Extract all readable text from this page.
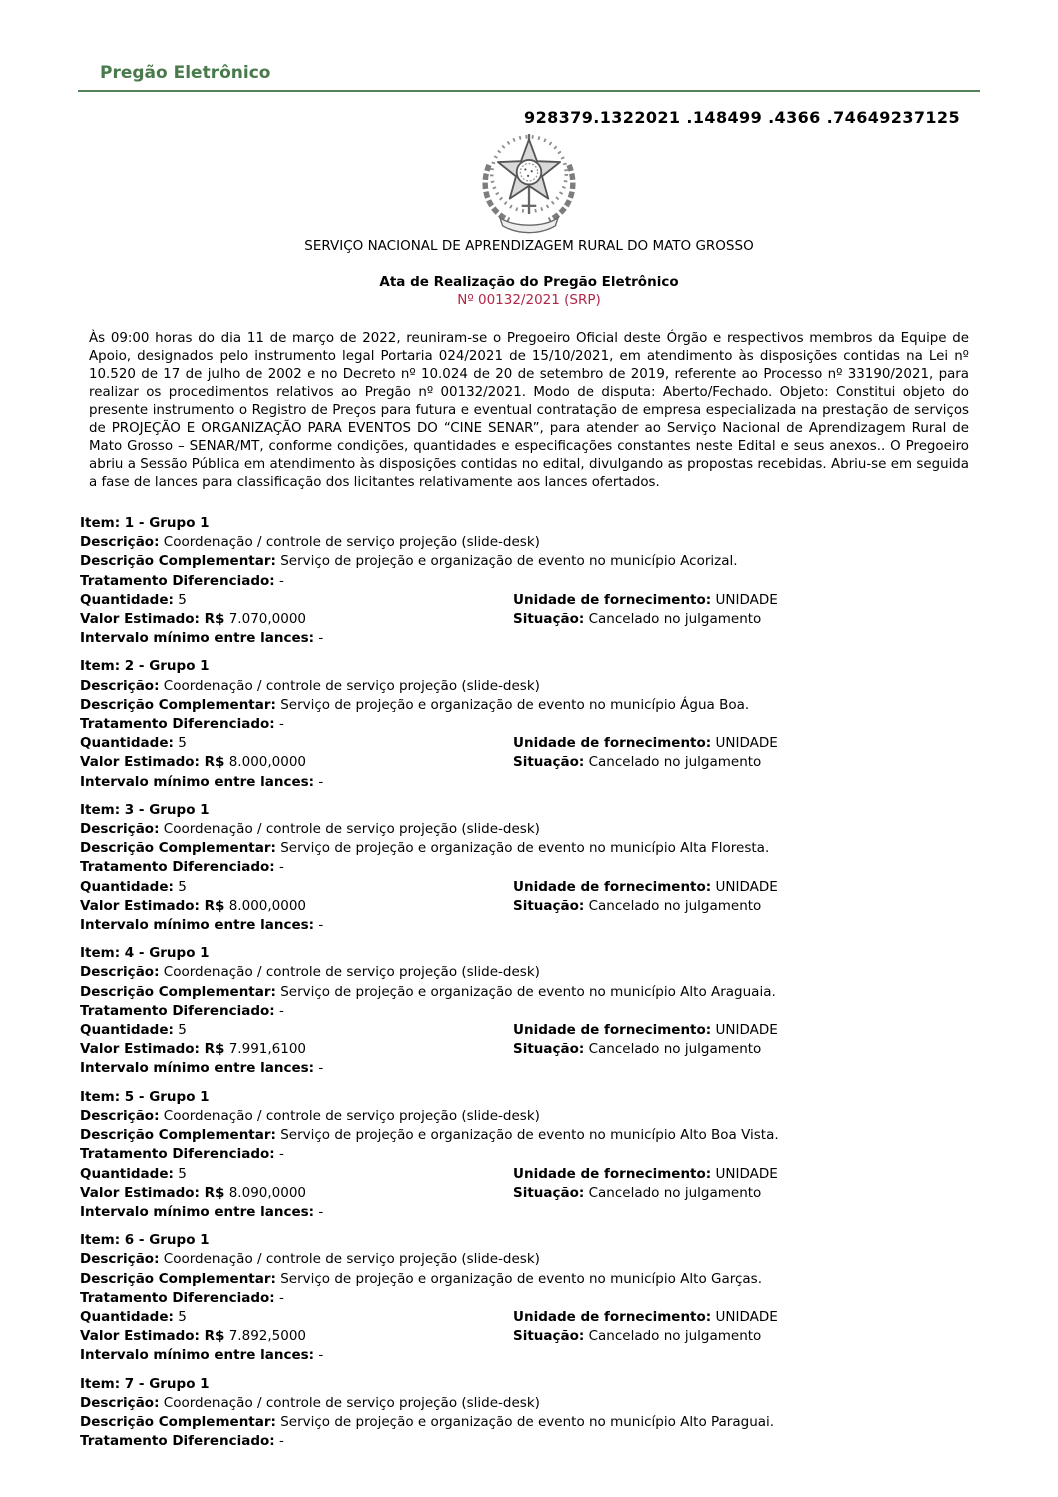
Pregão Eletrônico
928379.1322021 .148499 .4366 .74649237125
SERVIÇO NACIONAL DE APRENDIZAGEM RURAL DO MATO GROSSO
Ata de Realização do Pregão Eletrônico
Nº 00132/2021 (SRP)

Às 09:00 horas do dia 11 de março de 2022, reuniram-se o Pregoeiro Oficial deste Órgão e respectivos membros da Equipe de Apoio, designados pelo instrumento legal Portaria 024/2021 de 15/10/2021, em atendimento às disposições contidas na Lei nº 10.520 de 17 de julho de 2002 e no Decreto nº 10.024 de 20 de setembro de 2019, referente ao Processo nº 33190/2021, para realizar os procedimentos relativos ao Pregão nº 00132/2021. Modo de disputa: Aberto/Fechado. Objeto: Constitui objeto do presente instrumento o Registro de Preços para futura e eventual contratação de empresa especializada na prestação de serviços de PROJEÇÃO E ORGANIZAÇÃO PARA EVENTOS DO “CINE SENAR”, para atender ao Serviço Nacional de Aprendizagem Rural de Mato Grosso – SENAR/MT, conforme condições, quantidades e especificações constantes neste Edital e seus anexos.. O Pregoeiro abriu a Sessão Pública em atendimento às disposições contidas no edital, divulgando as propostas recebidas. Abriu-se em seguida a fase de lances para classificação dos licitantes relativamente aos lances ofertados.

Item: 1 - Grupo 1
Descrição: Coordenação / controle de serviço projeção (slide-desk)
Descrição Complementar: Serviço de projeção e organização de evento no município Acorizal.
Tratamento Diferenciado: -
Quantidade: 5	Unidade de fornecimento: UNIDADE
Valor Estimado: R$ 7.070,0000	Situação: Cancelado no julgamento
Intervalo mínimo entre lances: -
Item: 2 - Grupo 1
Descrição: Coordenação / controle de serviço projeção (slide-desk)
Descrição Complementar: Serviço de projeção e organização de evento no município Água Boa.
Tratamento Diferenciado: -
Quantidade: 5	Unidade de fornecimento: UNIDADE
Valor Estimado: R$ 8.000,0000	Situação: Cancelado no julgamento
Intervalo mínimo entre lances: -
Item: 3 - Grupo 1
Descrição: Coordenação / controle de serviço projeção (slide-desk)
Descrição Complementar: Serviço de projeção e organização de evento no município Alta Floresta.
Tratamento Diferenciado: -
Quantidade: 5	Unidade de fornecimento: UNIDADE
Valor Estimado: R$ 8.000,0000	Situação: Cancelado no julgamento
Intervalo mínimo entre lances: -
Item: 4 - Grupo 1
Descrição: Coordenação / controle de serviço projeção (slide-desk)
Descrição Complementar: Serviço de projeção e organização de evento no município Alto Araguaia.
Tratamento Diferenciado: -
Quantidade: 5	Unidade de fornecimento: UNIDADE
Valor Estimado: R$ 7.991,6100	Situação: Cancelado no julgamento
Intervalo mínimo entre lances: -
Item: 5 - Grupo 1
Descrição: Coordenação / controle de serviço projeção (slide-desk)
Descrição Complementar: Serviço de projeção e organização de evento no município Alto Boa Vista.
Tratamento Diferenciado: -
Quantidade: 5	Unidade de fornecimento: UNIDADE
Valor Estimado: R$ 8.090,0000	Situação: Cancelado no julgamento
Intervalo mínimo entre lances: -
Item: 6 - Grupo 1
Descrição: Coordenação / controle de serviço projeção (slide-desk)
Descrição Complementar: Serviço de projeção e organização de evento no município Alto Garças.
Tratamento Diferenciado: -
Quantidade: 5	Unidade de fornecimento: UNIDADE
Valor Estimado: R$ 7.892,5000	Situação: Cancelado no julgamento
Intervalo mínimo entre lances: -
Item: 7 - Grupo 1
Descrição: Coordenação / controle de serviço projeção (slide-desk)
Descrição Complementar: Serviço de projeção e organização de evento no município Alto Paraguai.
Tratamento Diferenciado: -
